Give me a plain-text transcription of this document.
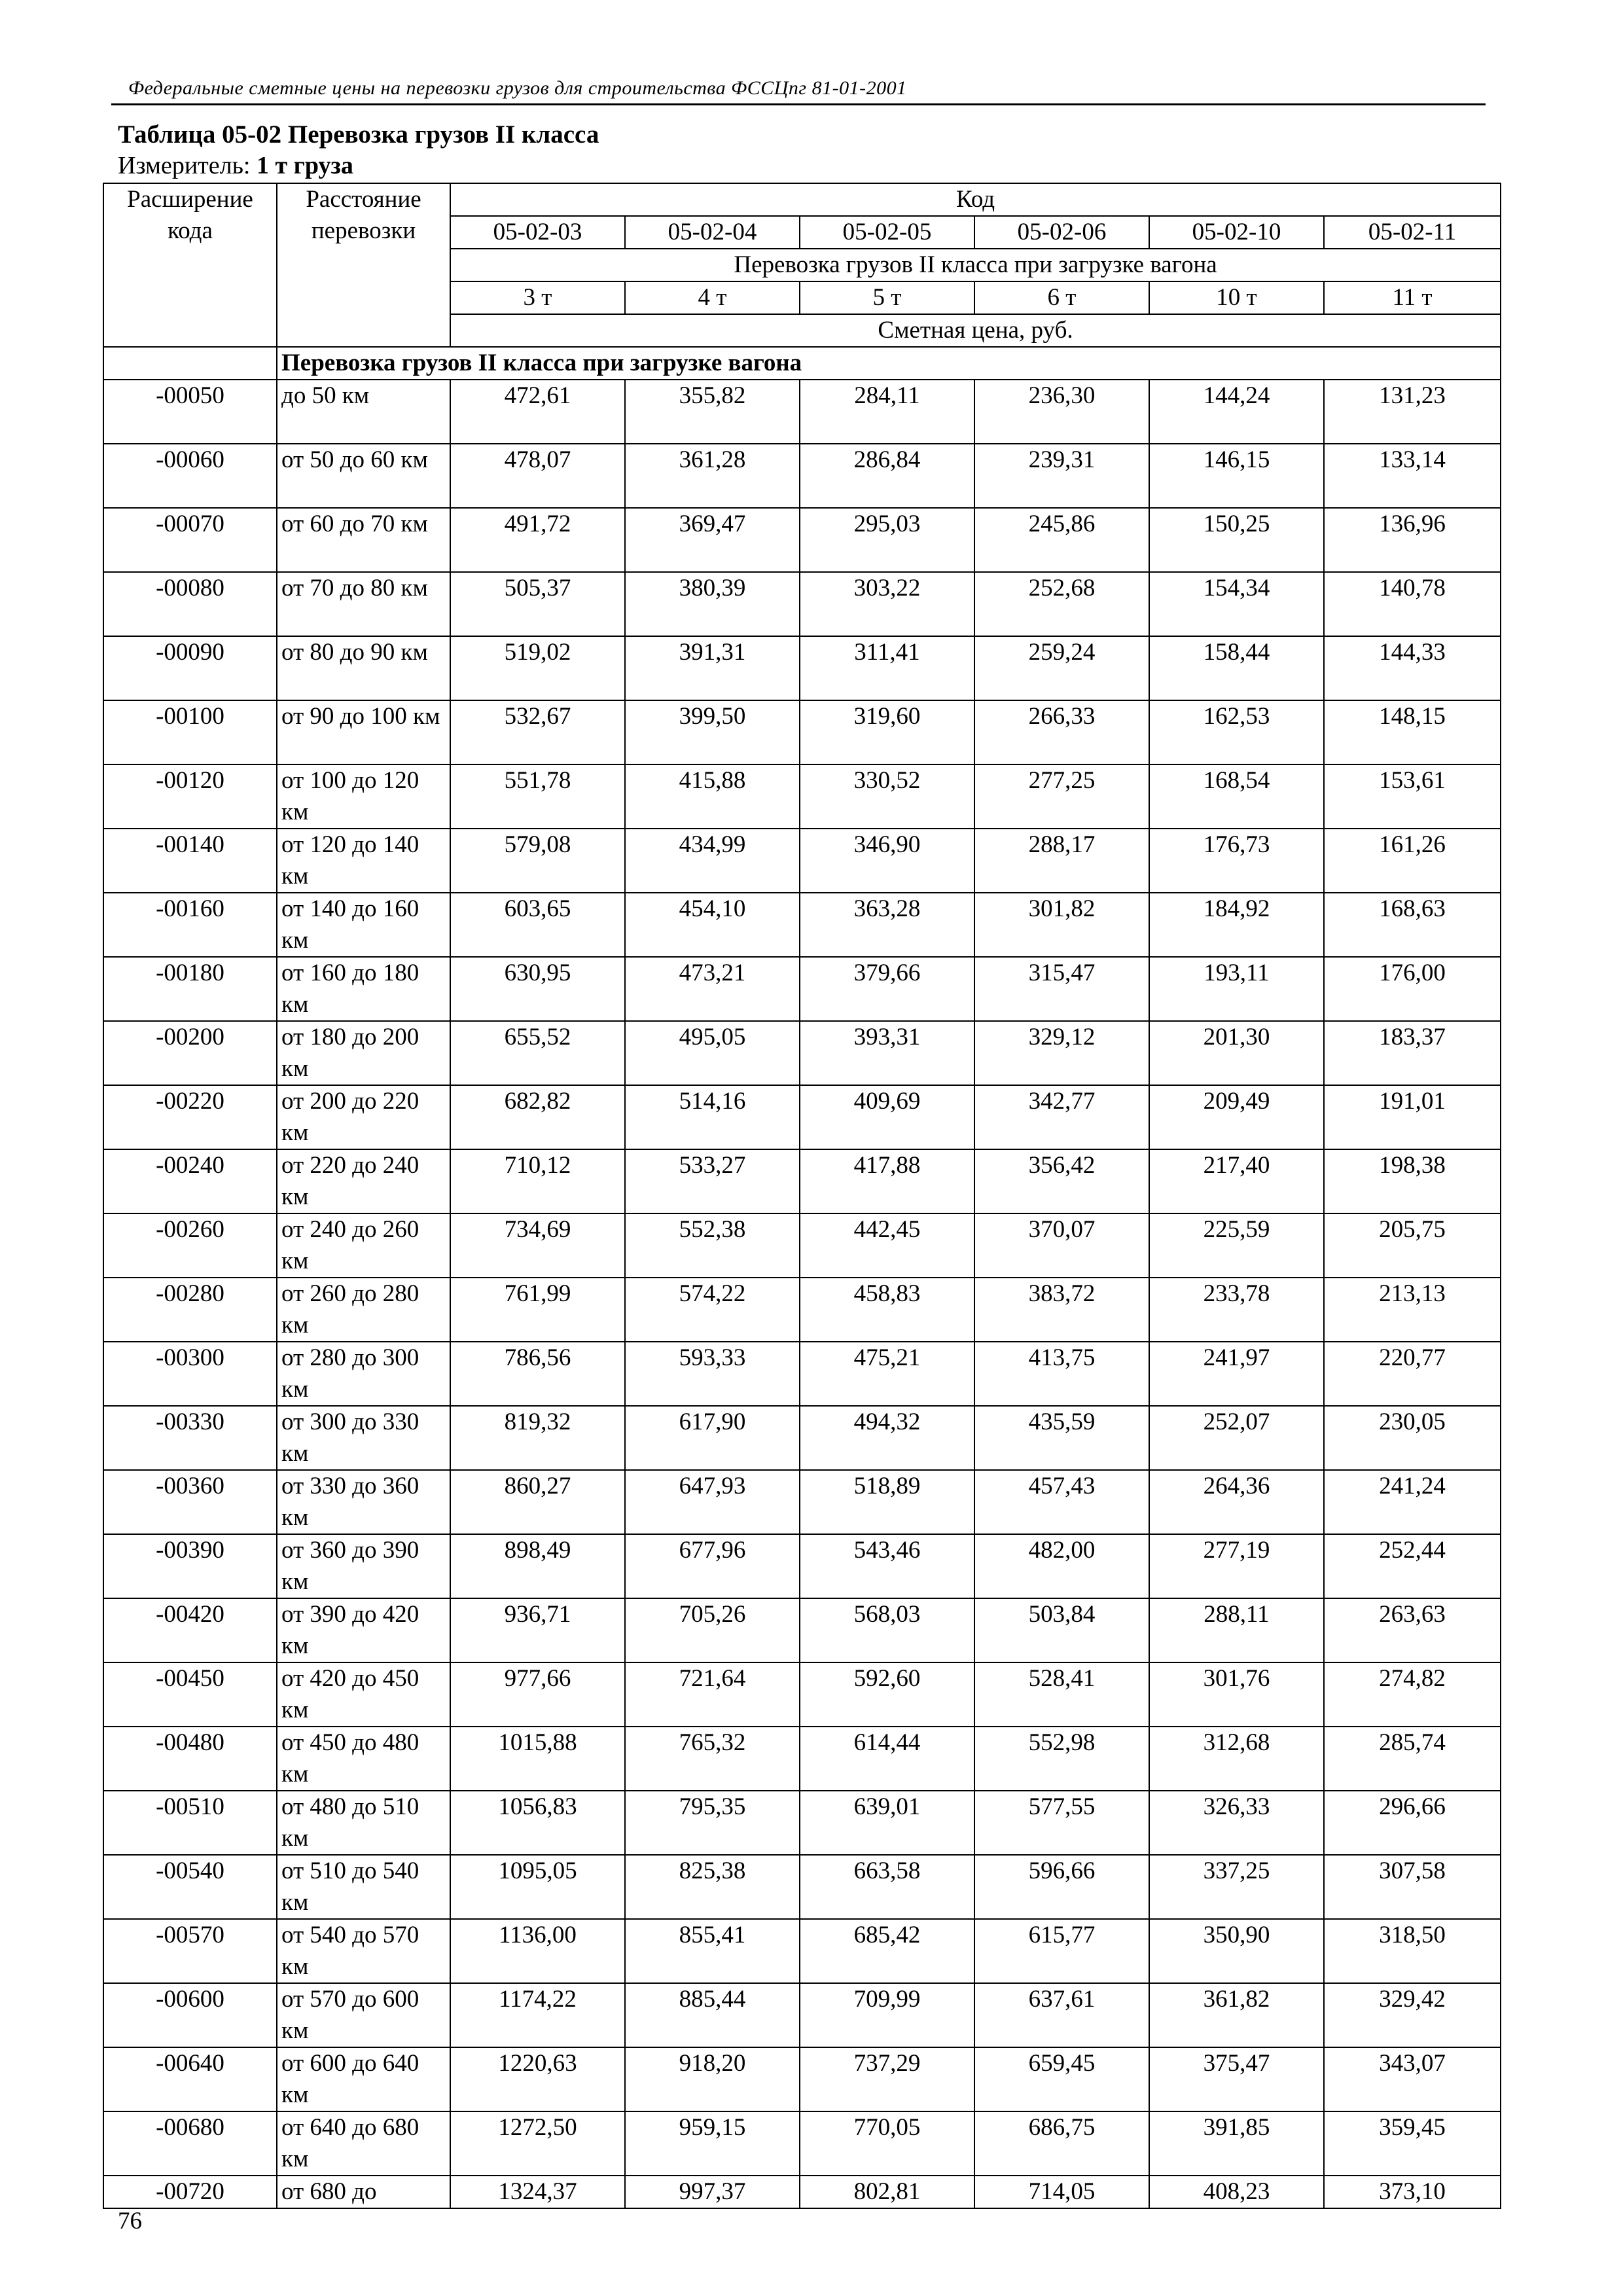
Федеральные сметные цены на перевозки грузов для строительства ФССЦпг 81-01-2001
Таблица 05-02 Перевозка грузов II класса
Измеритель: 1 т груза
Расширение кода	Расстояние перевозки	Код					
		05-02-03	05-02-04	05-02-05	05-02-06	05-02-10	05-02-11
		Перевозка грузов II класса при загрузке вагона					
		3 т	4 т	5 т	6 т	10 т	11 т
		Сметная цена, руб.					
	Перевозка грузов II класса при загрузке вагона						
-00050	до 50 км	472,61	355,82	284,11	236,30	144,24	131,23
-00060	от 50 до 60 км	478,07	361,28	286,84	239,31	146,15	133,14
-00070	от 60 до 70 км	491,72	369,47	295,03	245,86	150,25	136,96
-00080	от 70 до 80 км	505,37	380,39	303,22	252,68	154,34	140,78
-00090	от 80 до 90 км	519,02	391,31	311,41	259,24	158,44	144,33
-00100	от 90 до 100 км	532,67	399,50	319,60	266,33	162,53	148,15
-00120	от 100 до 120 км	551,78	415,88	330,52	277,25	168,54	153,61
-00140	от 120 до 140 км	579,08	434,99	346,90	288,17	176,73	161,26
-00160	от 140 до 160 км	603,65	454,10	363,28	301,82	184,92	168,63
-00180	от 160 до 180 км	630,95	473,21	379,66	315,47	193,11	176,00
-00200	от 180 до 200 км	655,52	495,05	393,31	329,12	201,30	183,37
-00220	от 200 до 220 км	682,82	514,16	409,69	342,77	209,49	191,01
-00240	от 220 до 240 км	710,12	533,27	417,88	356,42	217,40	198,38
-00260	от 240 до 260 км	734,69	552,38	442,45	370,07	225,59	205,75
-00280	от 260 до 280 км	761,99	574,22	458,83	383,72	233,78	213,13
-00300	от 280 до 300 км	786,56	593,33	475,21	413,75	241,97	220,77
-00330	от 300 до 330 км	819,32	617,90	494,32	435,59	252,07	230,05
-00360	от 330 до 360 км	860,27	647,93	518,89	457,43	264,36	241,24
-00390	от 360 до 390 км	898,49	677,96	543,46	482,00	277,19	252,44
-00420	от 390 до 420 км	936,71	705,26	568,03	503,84	288,11	263,63
-00450	от 420 до 450 км	977,66	721,64	592,60	528,41	301,76	274,82
-00480	от 450 до 480 км	1015,88	765,32	614,44	552,98	312,68	285,74
-00510	от 480 до 510 км	1056,83	795,35	639,01	577,55	326,33	296,66
-00540	от 510 до 540 км	1095,05	825,38	663,58	596,66	337,25	307,58
-00570	от 540 до 570 км	1136,00	855,41	685,42	615,77	350,90	318,50
-00600	от 570 до 600 км	1174,22	885,44	709,99	637,61	361,82	329,42
-00640	от 600 до 640 км	1220,63	918,20	737,29	659,45	375,47	343,07
-00680	от 640 до 680 км	1272,50	959,15	770,05	686,75	391,85	359,45
-00720	от 680 до	1324,37	997,37	802,81	714,05	408,23	373,10
76
